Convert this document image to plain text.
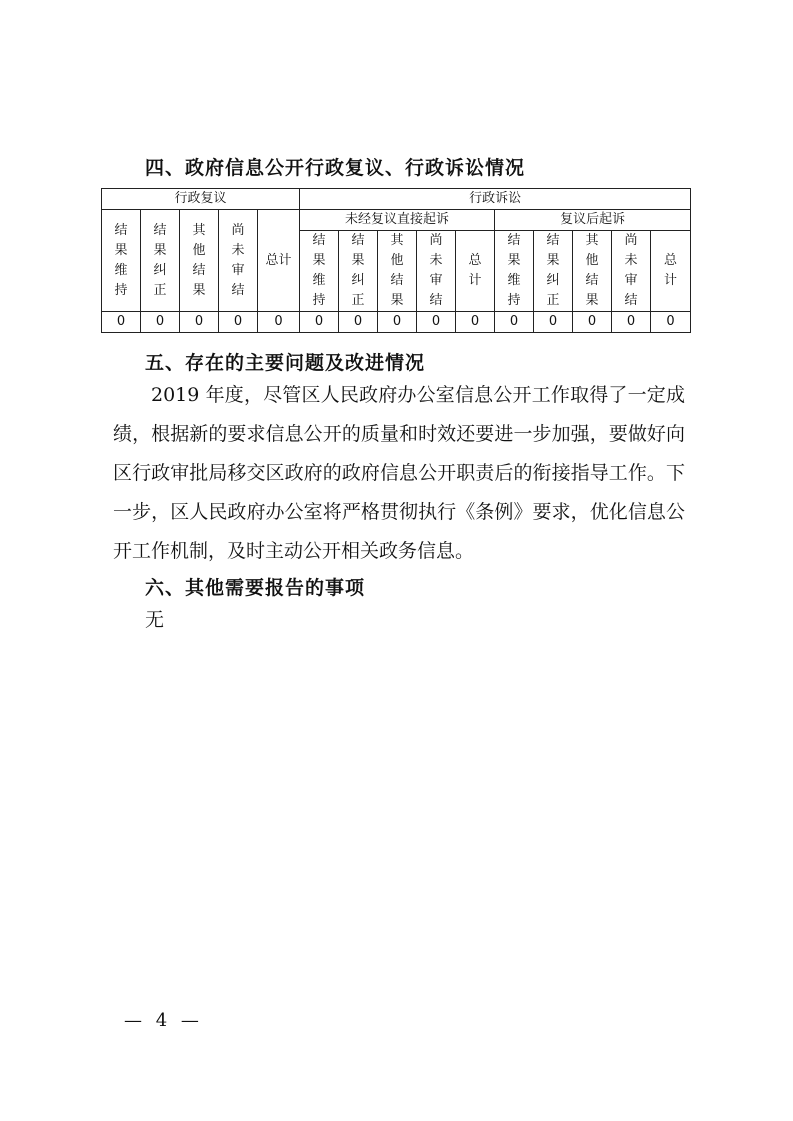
四、政府信息公开行政复议、行政诉讼情况
行政复议					行政诉讼									
结果维持	结果纠正	其他结果	尚未审结	总计	未经复议直接起诉					复议后起诉				
					结果维持	结果纠正	其他结果	尚未审结	总计	结果维持	结果纠正	其他结果	尚未审结	总计
0	0	0	0	0	0	0	0	0	0	0	0	0	0	0
五、存在的主要问题及改进情况

2019 年度，尽管区人民政府办公室信息公开工作取得了一定成绩，根据新的要求信息公开的质量和时效还要进一步加强，要做好向区行政审批局移交区政府的政府信息公开职责后的衔接指导工作。下一步，区人民政府办公室将严格贯彻执行《条例》要求，优化信息公开工作机制，及时主动公开相关政务信息。

六、其他需要报告的事项
无
— 4 —
